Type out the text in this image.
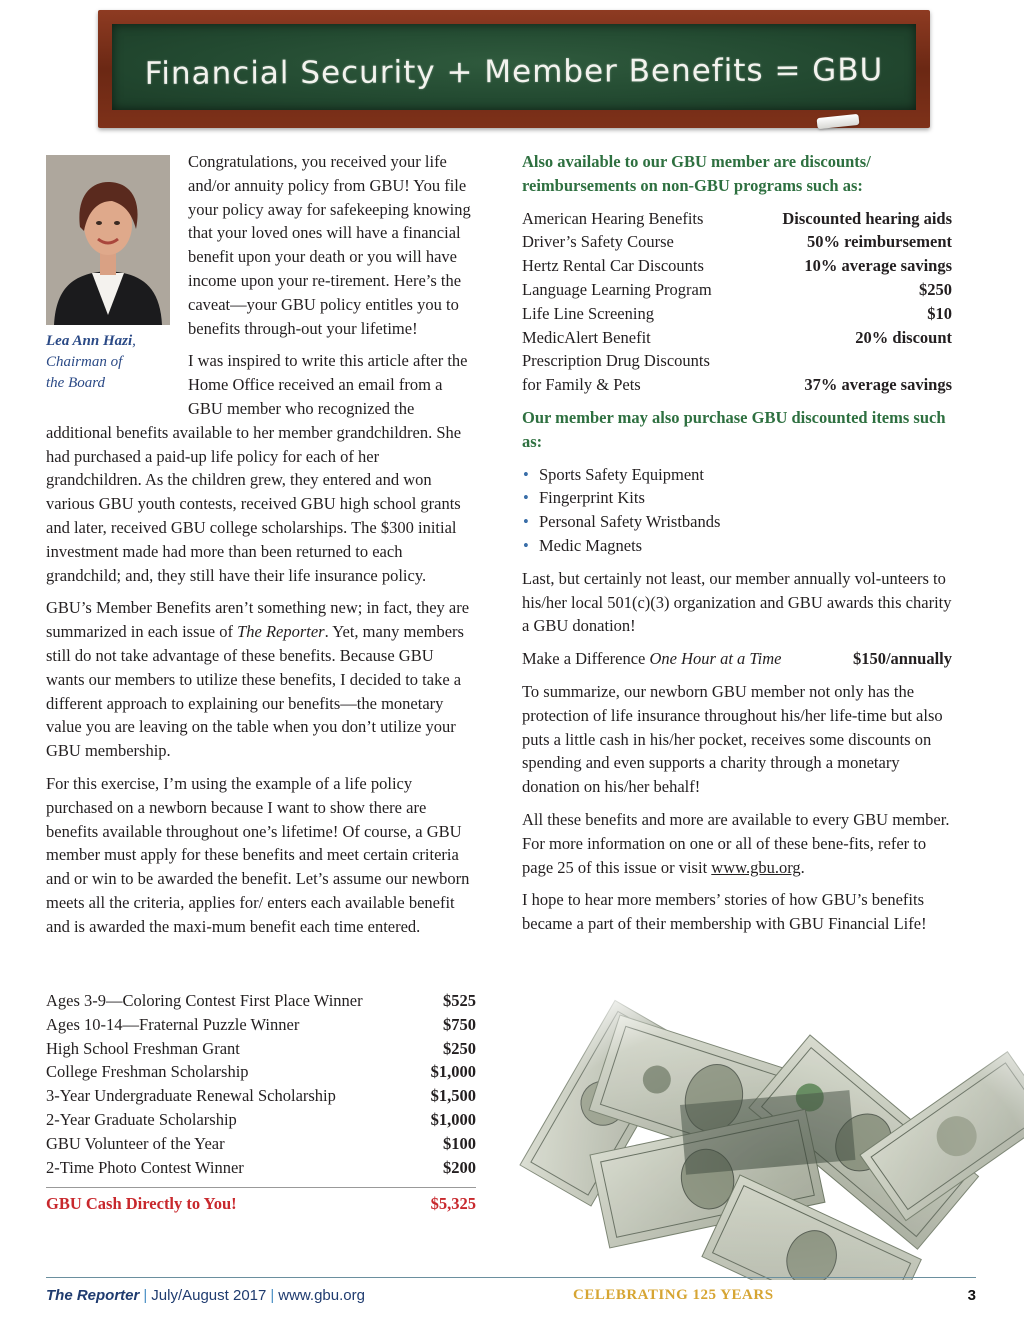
Financial Security + Member Benefits = GBU
Lea Ann Hazi,
Chairman of
the Board

Congratulations, you received your life and/or annuity policy from GBU! You file your policy away for safekeeping knowing that your loved ones will have a financial benefit upon your death or you will have income upon your re-tirement. Here’s the caveat—your GBU policy entitles you to benefits through-out your lifetime!

I was inspired to write this article after the Home Office received an email from a GBU member who recognized the additional benefits available to her member grandchildren. She had purchased a paid-up life policy for each of her grandchildren. As the children grew, they entered and won various GBU youth contests, received GBU high school grants and later, received GBU college scholarships. The $300 initial investment made had more than been returned to each grandchild; and, they still have their life insurance policy.

GBU’s Member Benefits aren’t something new; in fact, they are summarized in each issue of The Reporter. Yet, many members still do not take advantage of these benefits. Because GBU wants our members to utilize these benefits, I decided to take a different approach to explaining our benefits—the monetary value you are leaving on the table when you don’t utilize your GBU membership.

For this exercise, I’m using the example of a life policy purchased on a newborn because I want to show there are benefits available throughout one’s lifetime! Of course, a GBU member must apply for these benefits and meet certain criteria and or win to be awarded the benefit. Let’s assume our newborn meets all the criteria, applies for/ enters each available benefit and is awarded the maxi-mum benefit each time entered.

Ages 3-9—Coloring Contest First Place Winner	$525
Ages 10-14—Fraternal Puzzle Winner	$750
High School Freshman Grant	$250
College Freshman Scholarship	$1,000
3-Year Undergraduate Renewal Scholarship	$1,500
2-Year Graduate Scholarship	$1,000
GBU Volunteer of the Year	$100
2-Time Photo Contest Winner	$200
GBU Cash Directly to You!	$5,325
Also available to our GBU member are discounts/ reimbursements on non-GBU programs such as:
American Hearing Benefits	Discounted hearing aids
Driver’s Safety Course	50% reimbursement
Hertz Rental Car Discounts	10% average savings
Language Learning Program	$250
Life Line Screening	$10
MedicAlert Benefit	20% discount
Prescription Drug Discounts
for Family & Pets	37% average savings
Our member may also purchase GBU discounted items such as:
• Sports Safety Equipment
• Fingerprint Kits
• Personal Safety Wristbands
• Medic Magnets

Last, but certainly not least, our member annually vol-unteers to his/her local 501(c)(3) organization and GBU awards this charity a GBU donation!

Make a Difference One Hour at a Time	$150/annually

To summarize, our newborn GBU member not only has the protection of life insurance throughout his/her life-time but also puts a little cash in his/her pocket, receives some discounts on spending and even supports a charity through a monetary donation on his/her behalf!

All these benefits and more are available to every GBU member. For more information on one or all of these bene-fits, refer to page 25 of this issue or visit www.gbu.org.

I hope to hear more members’ stories of how GBU’s benefits became a part of their membership with GBU Financial Life!

The Reporter | July/August 2017 | www.gbu.org	CELEBRATING 125 YEARS	3
